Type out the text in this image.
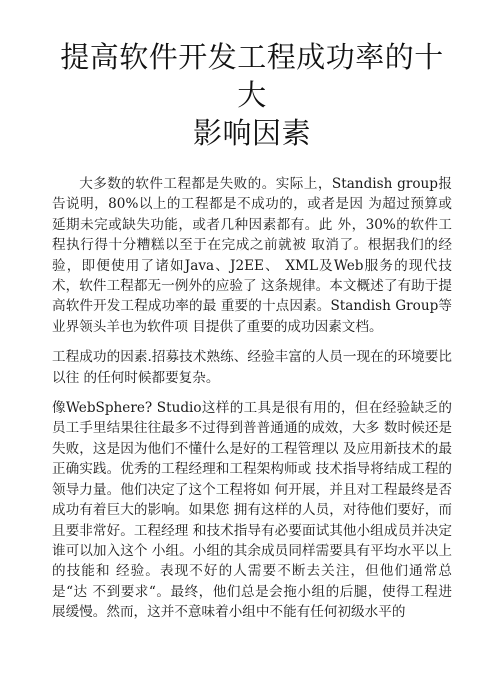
提高软件开发工程成功率的十大
影响因素

大多数的软件工程都是失败的。实际上，Standish group报告说明，80%以上的工程都是不成功的，或者是因 为超过预算或延期未完或缺失功能，或者几种因素都有。此 外，30%的软件工程执行得十分糟糕以至于在完成之前就被 取消了。根据我们的经验，即便使用了诸如Java、J2EE、 XML及Web服务的现代技术，软件工程都无一例外的应验了 这条规律。本文概述了有助于提高软件开发工程成功率的最 重要的十点因素。Standish Group等业界领头羊也为软件项 目提供了重要的成功因素文档。

工程成功的因素.招募技术熟练、经验丰富的人员一现在的环境要比以往 的任何时候都要复杂。

像WebSphere? Studio这样的工具是很有用的，但在经验缺乏的员工手里结果往往最多不过得到普普通通的成效，大多 数时候还是失败，这是因为他们不懂什么是好的工程管理以 及应用新技术的最正确实践。优秀的工程经理和工程架构师或 技术指导将结成工程的领导力量。他们决定了这个工程将如 何开展，并且对工程最终是否成功有着巨大的影响。如果您 拥有这样的人员，对待他们要好，而且要非常好。工程经理 和技术指导有必要面试其他小组成员并决定谁可以加入这个 小组。小组的其余成员同样需要具有平均水平以上的技能和 经验。表现不好的人需要不断去关注，但他们通常总是“达 不到要求“。最终，他们总是会拖小组的后腿，使得工程进 展缓慢。然而，这并不意味着小组中不能有任何初级水平的
